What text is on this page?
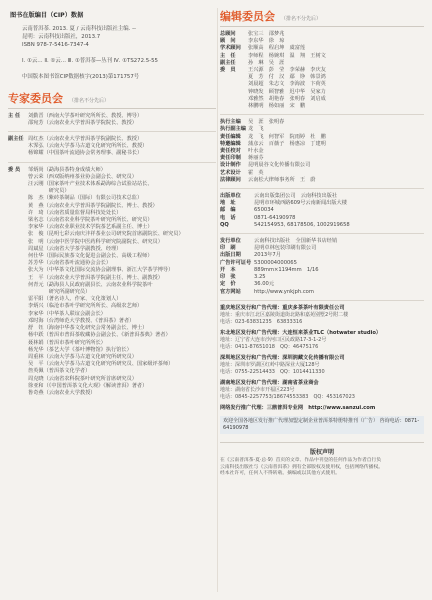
图书在版编目（CIP）数据
云南普洱茶. 2013. 夏 / 云南科技出版社主编. --
昆明：云南科技出版社，2013.7
ISBN 978-7-5416-7347-4
Ⅰ. ①云… Ⅱ. ①云… Ⅲ. ①普洱茶—丛刊 Ⅳ. ①TS272.5-55
中国版本图书馆CIP数据核字(2013)第171757号
专家委员会 （排名不分先后）
主 任	刘勤晋（西南大学茶叶研究所所长、教授、博导）
邵宛芳（云南农业大学普洱茶学院院长、教授）
副主任 周红杰（云南农业大学普洱茶学院副院长、教授）
木霁弘（云南大学茶马古道文化研究所所长、教授）
杨锦耀（中国茶叶流通协会常务理事、副秘书长）
委 员	邹炳尚（勐海县茶特身成绩大师）
曾云荣（西双版纳州茶业协会副会长、研究员）
汪云刚（国家茶叶产业技术体系勐海综合试验站站长、
　　　　研究员）
陈　杰（紫砖茶制品（国际）有限公司技术总监）
黄　燕（云南农业大学普洱茶学院副院长、博士、教授）
许　琦（云南省质量监督局科技处处长）
梁名志（云南省农业科学院茶叶研究所所长、研究员）
李家华（云南农业职业技术学院茶艺系副主任、博士）
张　俊（昆明七彩云南庆沣祥茶业公司研究院首席副院长、研究员）
张　明（云南中医学院中医药科学研究院副院长、研究员）
周斌星（云南省大学茶学副教授、经理）
何仕华（国际民族茶文化促进会副会长、高级工程师）
苏芳华（云南省茶叶流通协会会长）
张大为（中华茶文化国际交流协会副理事、浙江大学茶学博导）
王　平（云南农业大学普洱茶学院副主任、博士、副教授）
何青元（勐海县人民政府副县长、云南农业科学院茶叶
　　　　研究所副研究员）
雷平阳（著名诗人、作家、文化策划人）
李炳兴（临沧市茶叶学研究所所长、高级农艺师）
李家华（中华茶人联谊会副会长）
邓时海（台湾师范大学教授、《普洱茶》著者）
舒　钰（海南中华茶文化研究会常务副会长、博士）
杨中跃（普洱市普洱茶收藏协会副会长、《新普洱茶典》著者）
聂林娟（普洱市茶叶研究所所长）
杨光华（茶艺大学《茶叶博物馆》执行馆长）
周重林（云南大学茶马古道文化研究所研究员）
吴　平（云南大学茶马古道文化研究所研究员、国家级评茶师）
詹英佩（普洱茶文化学者）
周克晓（云南省农科院茶叶研究所首席研究员）
徐亚和（《中国普洱茶文化大观》《解读普洱》著者）
鲁奇燕（云南农业大学教授）
编辑委员会 （排名不分先后）
总顾问	张宝三　邵梦兆
顾　问	李东华　徐　琼
学术顾问	张顺高　程启坤　虞富莲
主　任	李师程　杨婉琪　温　翔　王树文
副主任	孙　琳　吴　涯
委　员	王兴源　彭　莹　李荣赫　李庆友
夏　芳　付　汉　鄢　铮　韩景鸿
刘晨超　朱志文　李海波　卞荷英
钟晓发　顾智雅　迟中华　吴家力
邓雅然　胡艳春　张明春　刘启成
林鹏明　杨如丽　宋　鹏
执行主编	吴　涯　张明春
执行副主编 龙　飞
责任编辑	龙　飞　何智军　院雨婷　杜　鹏
特邀编辑	蒲彦云　百薇子　杨惠凉　丁建明
责任校对	叶水金
责任印制	蒋丽芬
设计制作	昆明晨谷文化传播有限公司
艺术设计	霍　英
法律顾问	云南松大律师事务所　王　蔚
出版单位	云南出版集团公司　云南科技出版社
地　址	昆明市环城西路609号云南新闻出版大楼
邮　编	650034
电　话	0871-64190978
QQ	542154953, 68178506, 1002919658
发行单位	云南科技出版社　全国新华书店经销
印　刷	昆明卓林包装印刷有限公司
出版日期	2013年7月
广告许可证号 5300004000065
开　本	889mm×1194mm　1/16
印　张	3.25
定　价	36.00元
官方网站	http://www.ynkjph.com
重庆地区发行和广告代理：重庆多茶茶叶有限责任公司
地址：重庆市江北区嘉陵街道街北路和嘉苑别墅2号附二楼
电话：023-63831235　63833316
东北地区发行和广告代理：大连恒来茶业TLC（hotwater studio）
地址：辽宁省大连市沙河口区民政路17-3-1-2号
电话：0411-87651018　QQ：46475176
深圳地区发行和广告代理：深圳润藏文化传播有限公司
地址：深圳市罗湖区红岭中路深业大厦128号
电话：0755-22514433　QQ：1014411330
湖南地区发行和广告代理：湖南省茶业商会
地址：湖南省长沙市开福区223号
电话：0845-2257753/18674553383　QQ：453167023
网络发行推广代理：三鼎普洱专业网　http://www.sanzui.com
欢迎全国各地区发行推广代理加盟定制企业普洱茶特册特推刊（广告） 咨询电话：0871-64190978
版权声明
在《云南普洱茶·夏·总·9》首页的文章、作品中刊登的任何作品为作者自行负
云南科技出版社与《云南普洱茶》拥有全部版权及使用权，包括网络传播权。
经本社许可，任何人不得转载、摘编或以其他方式使用。
